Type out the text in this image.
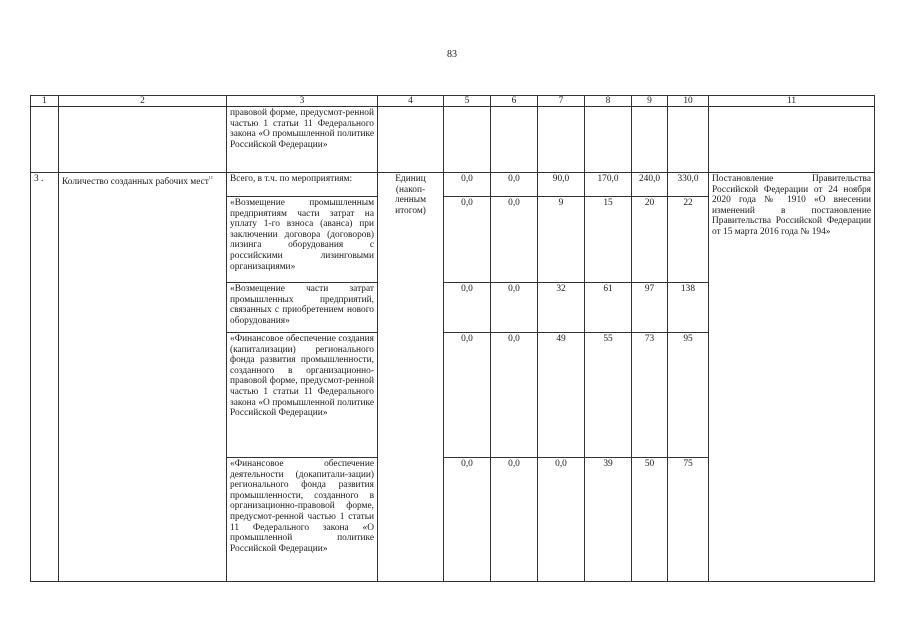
83
1	2	3	4	5	6	7	8	9	10	11
		правовой форме, предусмот-ренной частью 1 статьи 11 Федерального закона «О промышленной политике Российской Федерации»								
3 .	Количество созданных рабочих мест$^{^{12}}$	Всего, в т.ч. по мероприятиям:	Единиц (накоп-ленным итогом)	0,0	0,0	90,0	170,0	240,0	330,0	Постановление Правительства Российской Федерации от 24 ноября 2020 года № 1910 «О внесении изменений в постановление Правительства Российской Федерации от 15 марта 2016 года № 194»
		«Возмещение промышленным предприятиям части затрат на уплату 1-го взноса (аванса) при заключении договора (договоров) лизинга оборудования с российскими лизинговыми организациями»		0,0	0,0	9	15	20	22	
		«Возмещение части затрат промышленных предприятий, связанных с приобретением нового оборудования»		0,0	0,0	32	61	97	138	
		«Финансовое обеспечение создания (капитализации) регионального фонда развития промышленности, созданного в организационно-правовой форме, предусмот-ренной частью 1 статьи 11 Федерального закона «О промышленной политике Российской Федерации»		0,0	0,0	49	55	73	95	
		«Финансовое обеспечение деятельности (докапитали-зации) регионального фонда развития промышленности, созданного в организационно-правовой форме, предусмот-ренной частью 1 статьи 11 Федерального закона «О промышленной политике Российской Федерации»		0,0	0,0	0,0	39	50	75	
